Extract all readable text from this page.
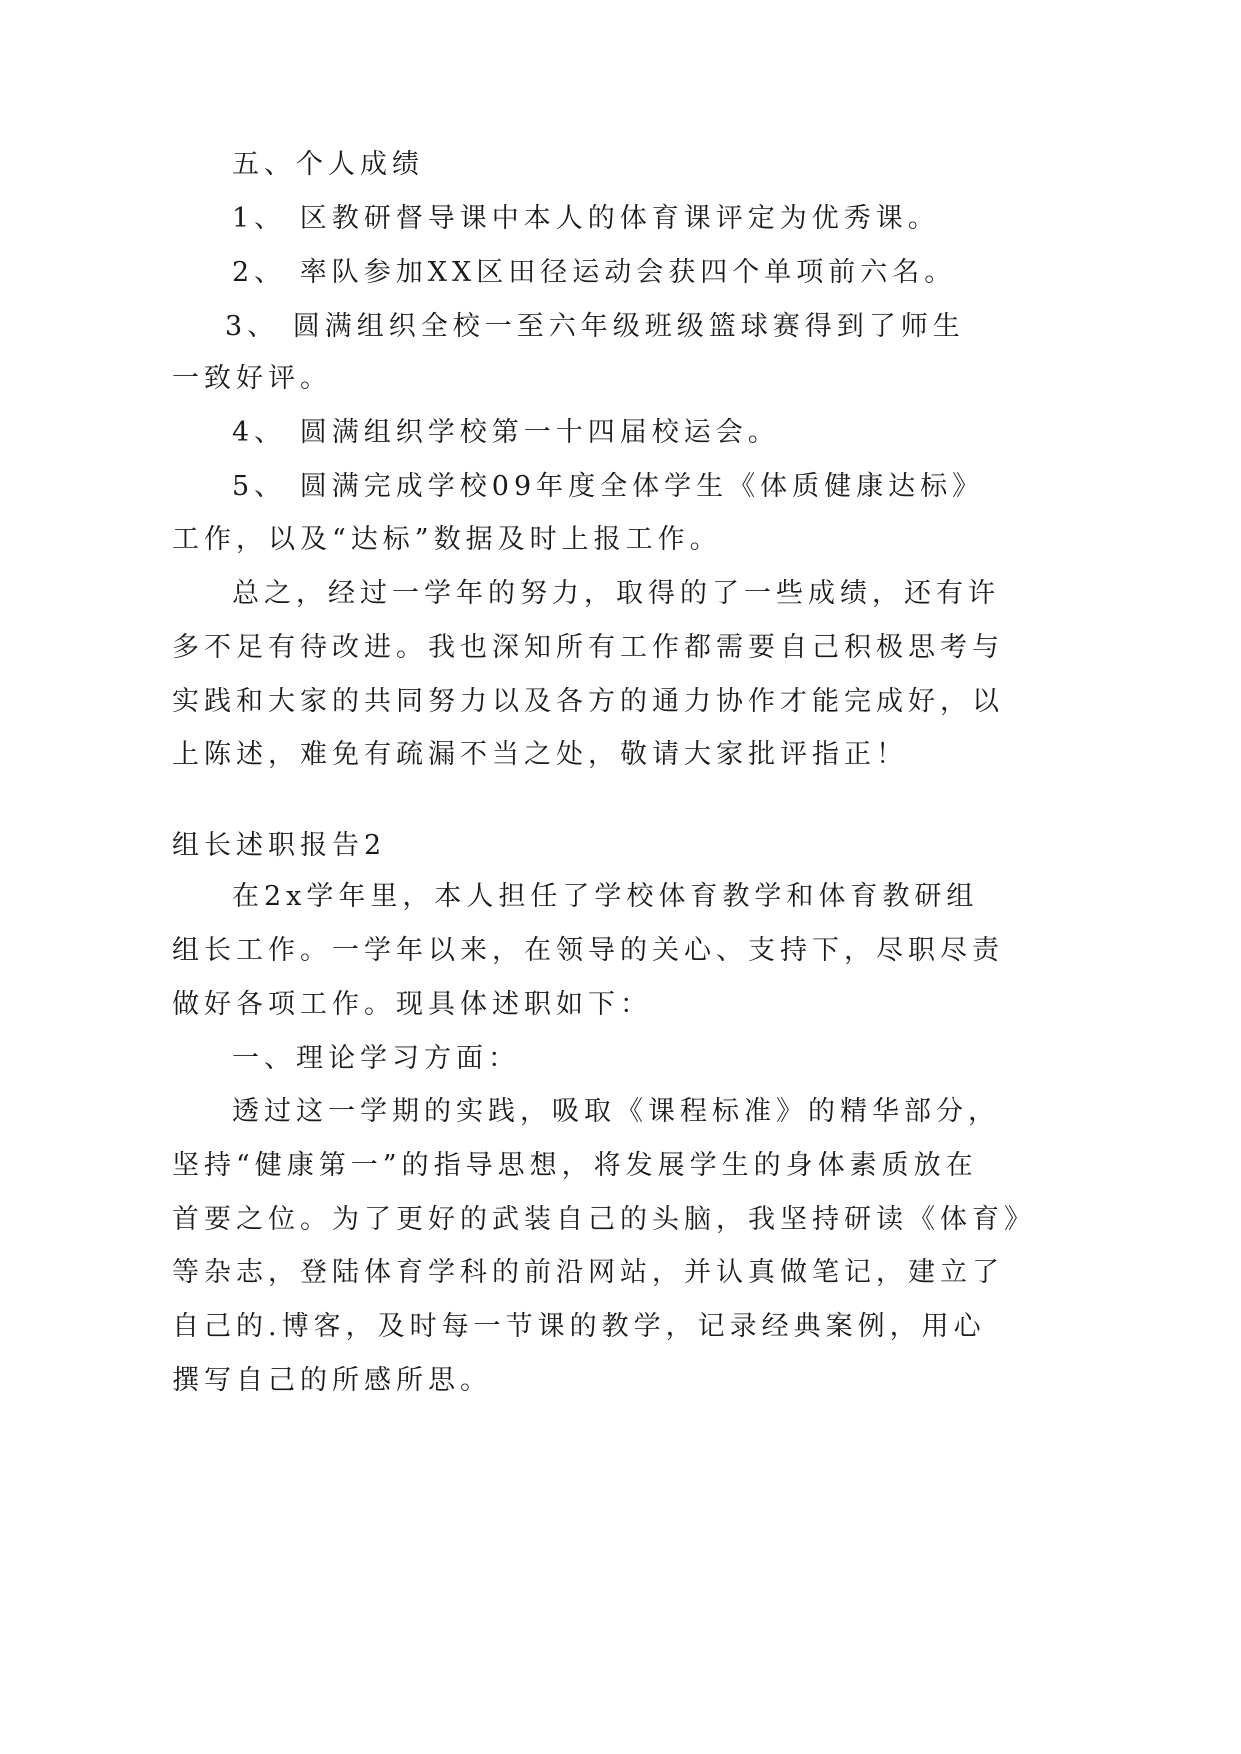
五、个人成绩

1、 区教研督导课中本人的体育课评定为优秀课。

2、 率队参加XX区田径运动会获四个单项前六名。

3、 圆满组织全校一至六年级班级篮球赛得到了师生

一致好评。

4、 圆满组织学校第一十四届校运会。

5、 圆满完成学校09年度全体学生《体质健康达标》

工作，以及“达标”数据及时上报工作。

总之，经过一学年的努力，取得的了一些成绩，还有许

多不足有待改进。我也深知所有工作都需要自己积极思考与

实践和大家的共同努力以及各方的通力协作才能完成好，以

上陈述，难免有疏漏不当之处，敬请大家批评指正！

组长述职报告2

在2x学年里，本人担任了学校体育教学和体育教研组

组长工作。一学年以来，在领导的关心、支持下，尽职尽责

做好各项工作。现具体述职如下：

一、理论学习方面：

透过这一学期的实践，吸取《课程标准》的精华部分，

坚持“健康第一”的指导思想，将发展学生的身体素质放在

首要之位。为了更好的武装自己的头脑，我坚持研读《体育》

等杂志，登陆体育学科的前沿网站，并认真做笔记，建立了

自己的.博客，及时每一节课的教学，记录经典案例，用心

撰写自己的所感所思。
